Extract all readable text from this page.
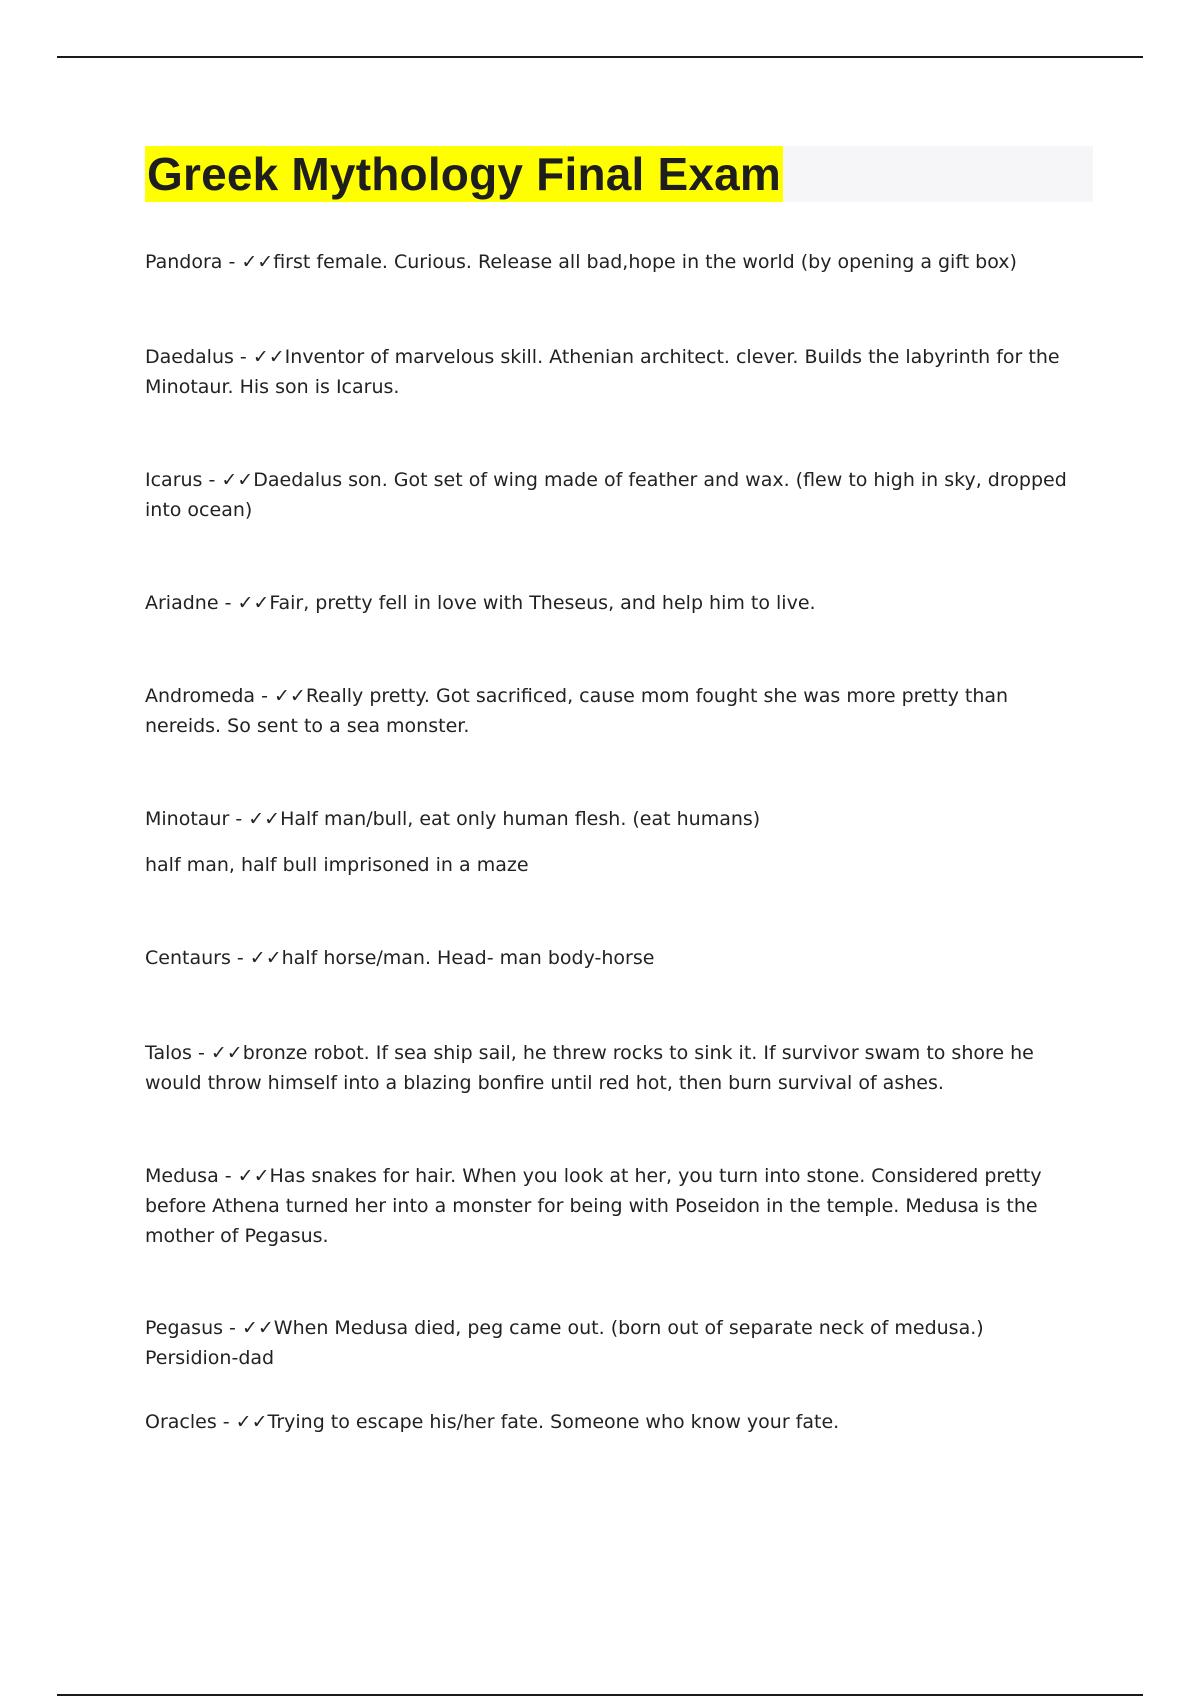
Greek Mythology Final Exam

Pandora - ✓✓first female. Curious. Release all bad,hope in the world (by opening a gift box)

Daedalus - ✓✓Inventor of marvelous skill. Athenian architect. clever. Builds the labyrinth for the Minotaur. His son is Icarus.

Icarus - ✓✓Daedalus son. Got set of wing made of feather and wax. (flew to high in sky, dropped into ocean)

Ariadne - ✓✓Fair, pretty fell in love with Theseus, and help him to live.

Andromeda - ✓✓Really pretty. Got sacrificed, cause mom fought she was more pretty than nereids. So sent to a sea monster.

Minotaur - ✓✓Half man/bull, eat only human flesh. (eat humans)

half man, half bull imprisoned in a maze

Centaurs - ✓✓half horse/man. Head- man body-horse

Talos - ✓✓bronze robot. If sea ship sail, he threw rocks to sink it. If survivor swam to shore he would throw himself into a blazing bonfire until red hot, then burn survival of ashes.

Medusa - ✓✓Has snakes for hair. When you look at her, you turn into stone. Considered pretty before Athena turned her into a monster for being with Poseidon in the temple. Medusa is the mother of Pegasus.

Pegasus - ✓✓When Medusa died, peg came out. (born out of separate neck of medusa.) Persidion-dad

Oracles - ✓✓Trying to escape his/her fate. Someone who know your fate.
